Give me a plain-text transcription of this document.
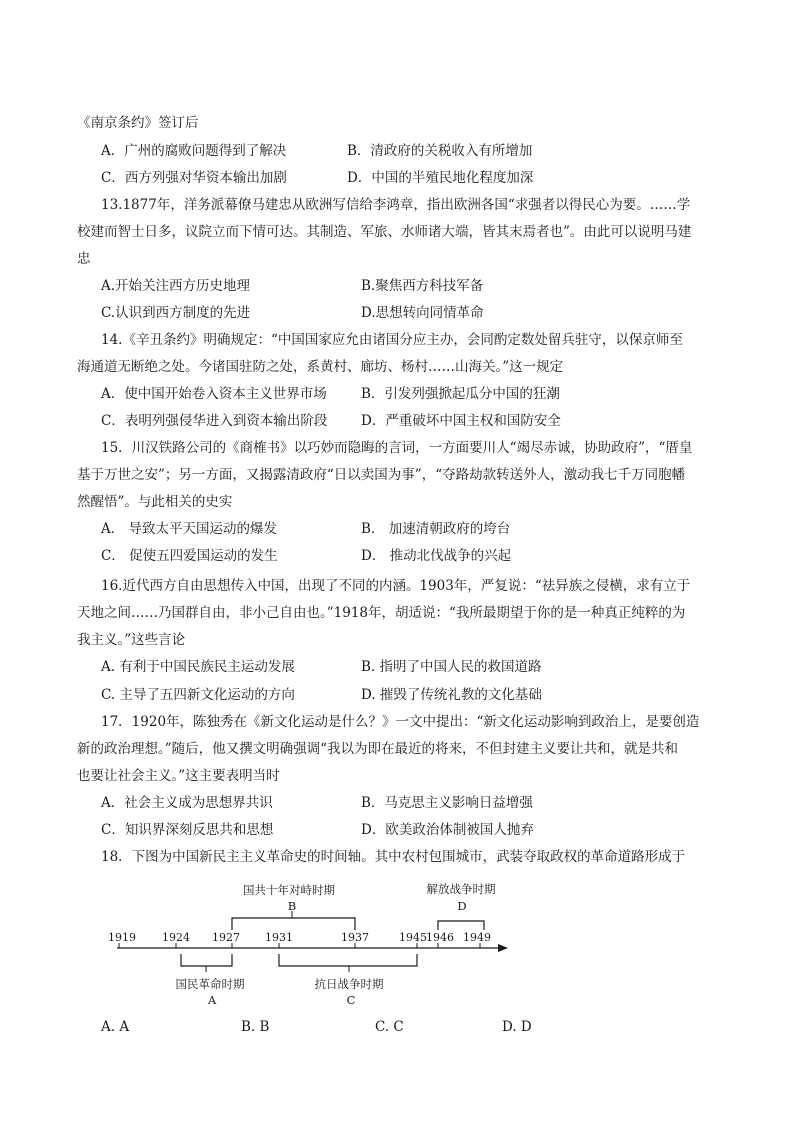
《南京条约》签订后
A．广州的腐败问题得到了解决	B．清政府的关税收入有所增加
C．西方列强对华资本输出加剧	D．中国的半殖民地化程度加深
13.1877年，洋务派幕僚马建忠从欧洲写信给李鸿章，指出欧洲各国“求强者以得民心为要。……学
校建而智士日多，议院立而下情可达。其制造、军旅、水师诸大端，皆其末焉者也”。由此可以说明马建
忠
A.开始关注西方历史地理	B.聚焦西方科技军备
C.认识到西方制度的先进	D.思想转向同情革命
14.《辛丑条约》明确规定：“中国国家应允由诸国分应主办，会同酌定数处留兵驻守，以保京师至
海通道无断绝之处。今诸国驻防之处，系黄村、廊坊、杨村……山海关。”这一规定
A．使中国开始卷入资本主义世界市场	B．引发列强掀起瓜分中国的狂潮
C．表明列强侵华进入到资本输出阶段 D．严重破坏中国主权和国防安全
15．川汉铁路公司的《商榷书》以巧妙而隐晦的言词，一方面要川人“竭尽赤诚，协助政府”，“厝皇
基于万世之安”；另一方面，又揭露清政府“日以卖国为事”，“夺路劫款转送外人，激动我七千万同胞幡
然醒悟”。与此相关的史实
A． 导致太平天国运动的爆发	B． 加速清朝政府的垮台
C． 促使五四爱国运动的发生	D． 推动北伐战争的兴起
16.近代西方自由思想传入中国，出现了不同的内涵。1903年，严复说：“祛异族之侵横，求有立于
天地之间……乃国群自由，非小己自由也。”1918年，胡适说：“我所最期望于你的是一种真正纯粹的为
我主义。”这些言论
A. 有利于中国民族民主运动发展	B. 指明了中国人民的救国道路
C. 主导了五四新文化运动的方向	D. 摧毁了传统礼教的文化基础
17．1920年，陈独秀在《新文化运动是什么？》一文中提出：“新文化运动影响到政治上，是要创造
新的政治理想。”随后，他又撰文明确强调“我以为即在最近的将来，不但封建主义要让共和，就是共和
也要让社会主义。”这主要表明当时
A．社会主义成为思想界共识	B．马克思主义影响日益增强
C．知识界深刻反思共和思想	D．欧美政治体制被国人抛弃
18．下图为中国新民主主义革命史的时间轴。其中农村包围城市，武装夺取政权的革命道路形成于
1919 1924 1927 1931	1937	1945 1946 1949
国共十年对峙时期
B
解放战争时期
D
国民革命时期
A
抗日战争时期
C
A. A	B. B	C. C	D. D
